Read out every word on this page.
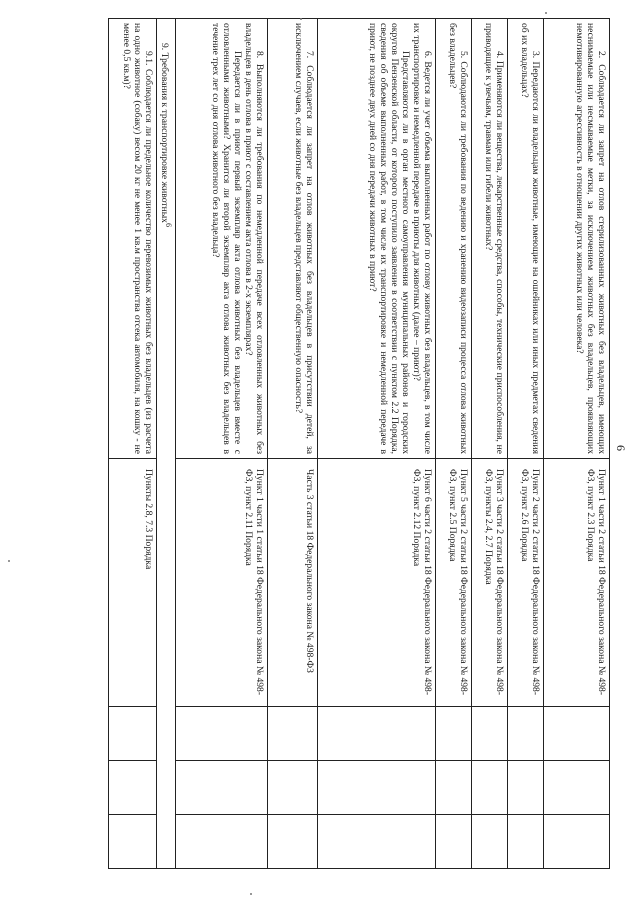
6
2. Соблюдается ли запрет на отлов стерилизованных животных без владельцев, имеющих неснимаемые или несмываемые метки, за исключением животных без владельцев, проявляющих немотивированную агрессивность в отношении других животных или человека?	Пункт 1 части 2 статьи 18 Федерального закона № 498-ФЗ, пункт 2.3 Порядка			
3. Передаются ли владельцам животные, имеющие на ошейниках или иных предметах сведения об их владельцах?	Пункт 2 части 2 статьи 18 Федерального закона № 498-ФЗ, пункт 2.6 Порядка			
4. Применяются ли вещества, лекарственные средства, способы, технические приспособления, не приводящие к увечьям, травмам или гибели животных?	Пункт 3 части 2 статьи 18 Федерального закона № 498-ФЗ, пункты 2.4, 2.7 Порядка			
5. Соблюдаются ли требования по ведению и хранению видеозаписи процесса отлова животных без владельцев?	Пункт 5 части 2 статьи 18 Федерального закона № 498-ФЗ, пункт 2.5 Порядка			

6. Ведется ли учет объема выполненных работ по отлову животных без владельцев, в том числе их транспортировке и немедленной передаче в приюты для животных (далее – приют)?

Представляются ли в орган местного самоуправления муниципальных районов и городских округов Пензенской области, от которого поступило заявление в соответствии с пунктом 2.2 Порядка, сведения об объеме выполненных работ, в том числе их транспортировке и немедленной передаче в приют, не позднее двух дней со дня передачи животных в приют?	Пункт 6 части 2 статьи 18 Федерального закона № 498-ФЗ, пункт 2.12 Порядка			
7. Соблюдается ли запрет на отлов животных без владельцев в присутствии детей, за исключением случаев, если животные без владельцев представляют общественную опасность?	Часть 3 статьи 18 Федерального закона № 498-ФЗ			

8. Выполняются ли требования по немедленной передаче всех отловленных животных без владельцев в день отлова в приют с составлением акта отлова в 2-х экземплярах?

Передается ли в приют первый экземпляр акта отлова животных без владельцев вместе с отловленными животными? Хранится ли второй экземпляр акта отлова животных без владельцев в течение трех лет со дня отлова животного без владельца?	Пункт 1 части 1 статьи 18 Федерального закона № 498-ФЗ, пункт 2.11 Порядка			
9. Требования к транспортировке животных$^6$
9.1. Соблюдается ли предельное количество перевозимых животных без владельцев (из расчета на одно животное (собаку) весом 20 кг не менее 1 кв.м пространства отсека автомобиля, на кошку - не менее 0,5 кв.м)?	Пункты 2.8, 7.3 Порядка			
